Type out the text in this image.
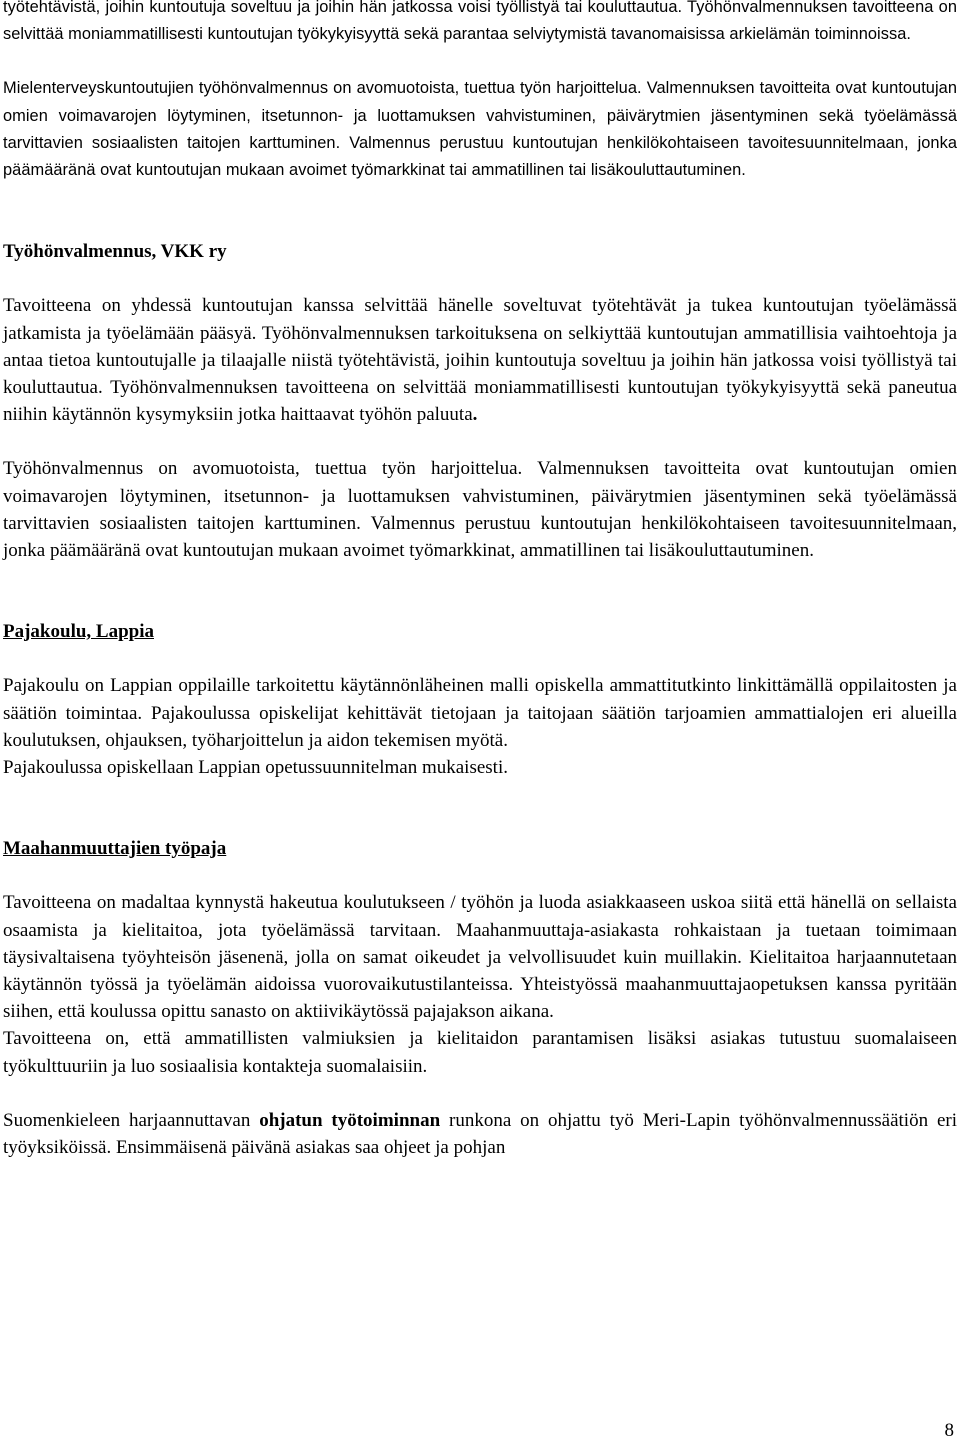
työtehtävistä, joihin kuntoutuja soveltuu ja joihin hän jatkossa voisi työllistyä tai kouluttautua. Työhönvalmennuksen tavoitteena on selvittää moniammatillisesti kuntoutujan työkykyisyyttä sekä parantaa selviytymistä tavanomaisissa arkielämän toiminnoissa.

Mielenterveyskuntoutujien työhönvalmennus on avomuotoista, tuettua työn harjoittelua. Valmennuksen tavoitteita ovat kuntoutujan omien voimavarojen löytyminen, itsetunnon- ja luottamuksen vahvistuminen, päivärytmien jäsentyminen sekä työelämässä tarvittavien sosiaalisten taitojen karttuminen. Valmennus perustuu kuntoutujan henkilökohtaiseen tavoitesuunnitelmaan, jonka päämääränä ovat kuntoutujan mukaan avoimet työmarkkinat tai ammatillinen tai lisäkouluttautuminen.

Työhönvalmennus, VKK ry

Tavoitteena on yhdessä kuntoutujan kanssa selvittää hänelle soveltuvat työtehtävät ja tukea kuntoutujan työelämässä jatkamista ja työelämään pääsyä. Työhönvalmennuksen tarkoituksena on selkiyttää kuntoutujan ammatillisia vaihtoehtoja ja antaa tietoa kuntoutujalle ja tilaajalle niistä työtehtävistä, joihin kuntoutuja soveltuu ja joihin hän jatkossa voisi työllistyä tai kouluttautua. Työhönvalmennuksen tavoitteena on selvittää moniammatillisesti kuntoutujan työkykyisyyttä sekä paneutua niihin käytännön kysymyksiin jotka haittaavat työhön paluuta.

Työhönvalmennus on avomuotoista, tuettua työn harjoittelua. Valmennuksen tavoitteita ovat kuntoutujan omien voimavarojen löytyminen, itsetunnon- ja luottamuksen vahvistuminen, päivärytmien jäsentyminen sekä työelämässä tarvittavien sosiaalisten taitojen karttuminen. Valmennus perustuu kuntoutujan henkilökohtaiseen tavoitesuunnitelmaan, jonka päämääränä ovat kuntoutujan mukaan avoimet työmarkkinat, ammatillinen tai lisäkouluttautuminen.

Pajakoulu, Lappia

Pajakoulu on Lappian oppilaille tarkoitettu käytännönläheinen malli opiskella ammattitutkinto linkittämällä oppilaitosten ja säätiön toimintaa. Pajakoulussa opiskelijat kehittävät tietojaan ja taitojaan säätiön tarjoamien ammattialojen eri alueilla koulutuksen, ohjauksen, työharjoittelun ja aidon tekemisen myötä.

Pajakoulussa opiskellaan Lappian opetussuunnitelman mukaisesti.

Maahanmuuttajien työpaja

Tavoitteena on madaltaa kynnystä hakeutua koulutukseen / työhön ja luoda asiakkaaseen uskoa siitä että hänellä on sellaista osaamista ja kielitaitoa, jota työelämässä tarvitaan. Maahanmuuttaja-asiakasta rohkaistaan ja tuetaan toimimaan täysivaltaisena työyhteisön jäsenenä, jolla on samat oikeudet ja velvollisuudet kuin muillakin. Kielitaitoa harjaannutetaan käytännön työssä ja työelämän aidoissa vuorovaikutustilanteissa. Yhteistyössä maahanmuuttajaopetuksen kanssa pyritään siihen, että koulussa opittu sanasto on aktiivikäytössä pajajakson aikana.

Tavoitteena on, että ammatillisten valmiuksien ja kielitaidon parantamisen lisäksi asiakas tutustuu suomalaiseen työkulttuuriin ja luo sosiaalisia kontakteja suomalaisiin.

Suomenkieleen harjaannuttavan ohjatun työtoiminnan runkona on ohjattu työ Meri-Lapin työhönvalmennussäätiön eri työyksiköissä. Ensimmäisenä päivänä asiakas saa ohjeet ja pohjan

8
